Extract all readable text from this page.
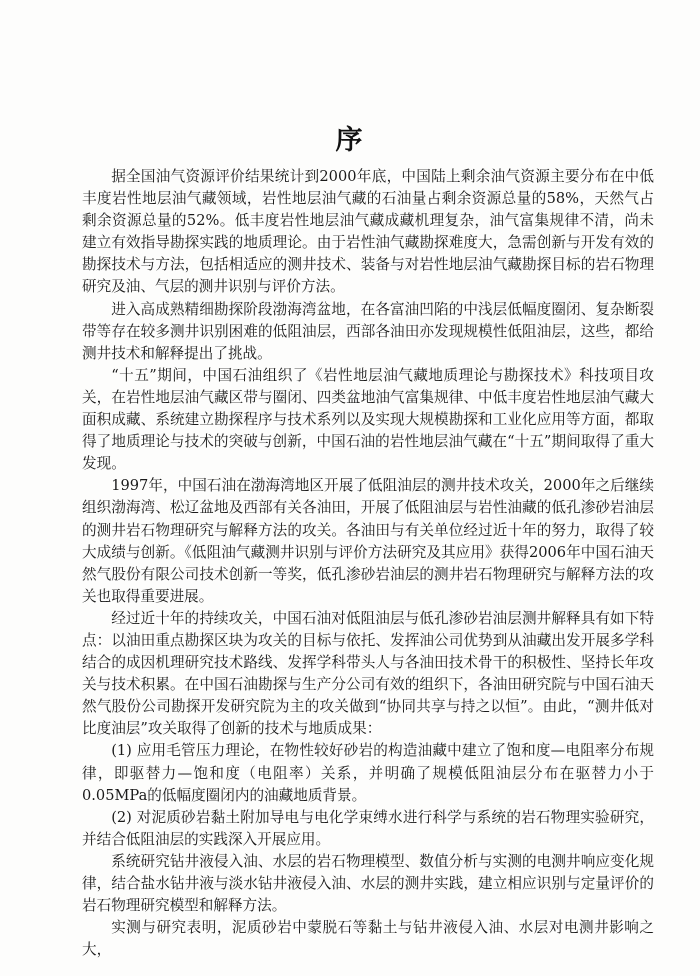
序

据全国油气资源评价结果统计到2000年底，中国陆上剩余油气资源主要分布在中低丰度岩性地层油气藏领域，岩性地层油气藏的石油量占剩余资源总量的58%，天然气占剩余资源总量的52%。低丰度岩性地层油气藏成藏机理复杂，油气富集规律不清，尚未建立有效指导勘探实践的地质理论。由于岩性油气藏勘探难度大，急需创新与开发有效的勘探技术与方法，包括相适应的测井技术、装备与对岩性地层油气藏勘探目标的岩石物理研究及油、气层的测井识别与评价方法。

进入高成熟精细勘探阶段渤海湾盆地，在各富油凹陷的中浅层低幅度圈闭、复杂断裂带等存在较多测井识别困难的低阻油层，西部各油田亦发现规模性低阻油层，这些，都给测井技术和解释提出了挑战。

“十五”期间，中国石油组织了《岩性地层油气藏地质理论与勘探技术》科技项目攻关，在岩性地层油气藏区带与圈闭、四类盆地油气富集规律、中低丰度岩性地层油气藏大面积成藏、系统建立勘探程序与技术系列以及实现大规模勘探和工业化应用等方面，都取得了地质理论与技术的突破与创新，中国石油的岩性地层油气藏在“十五”期间取得了重大发现。

1997年，中国石油在渤海湾地区开展了低阻油层的测井技术攻关，2000年之后继续组织渤海湾、松辽盆地及西部有关各油田，开展了低阻油层与岩性油藏的低孔渗砂岩油层的测井岩石物理研究与解释方法的攻关。各油田与有关单位经过近十年的努力，取得了较大成绩与创新。《低阻油气藏测井识别与评价方法研究及其应用》获得2006年中国石油天然气股份有限公司技术创新一等奖，低孔渗砂岩油层的测井岩石物理研究与解释方法的攻关也取得重要进展。

经过近十年的持续攻关，中国石油对低阻油层与低孔渗砂岩油层测井解释具有如下特点：以油田重点勘探区块为攻关的目标与依托、发挥油公司优势到从油藏出发开展多学科结合的成因机理研究技术路线、发挥学科带头人与各油田技术骨干的积极性、坚持长年攻关与技术积累。在中国石油勘探与生产分公司有效的组织下，各油田研究院与中国石油天然气股份公司勘探开发研究院为主的攻关做到“协同共享与持之以恒”。由此，“测井低对比度油层”攻关取得了创新的技术与地质成果：

(1) 应用毛管压力理论，在物性较好砂岩的构造油藏中建立了饱和度—电阻率分布规律，即驱替力—饱和度（电阻率）关系，并明确了规模低阻油层分布在驱替力小于0.05MPa的低幅度圈闭内的油藏地质背景。

(2) 对泥质砂岩黏土附加导电与电化学束缚水进行科学与系统的岩石物理实验研究，并结合低阻油层的实践深入开展应用。

系统研究钻井液侵入油、水层的岩石物理模型、数值分析与实测的电测井响应变化规律，结合盐水钻井液与淡水钻井液侵入油、水层的测井实践，建立相应识别与定量评价的岩石物理研究模型和解释方法。

实测与研究表明，泥质砂岩中蒙脱石等黏土与钻井液侵入油、水层对电测井影响之大，
